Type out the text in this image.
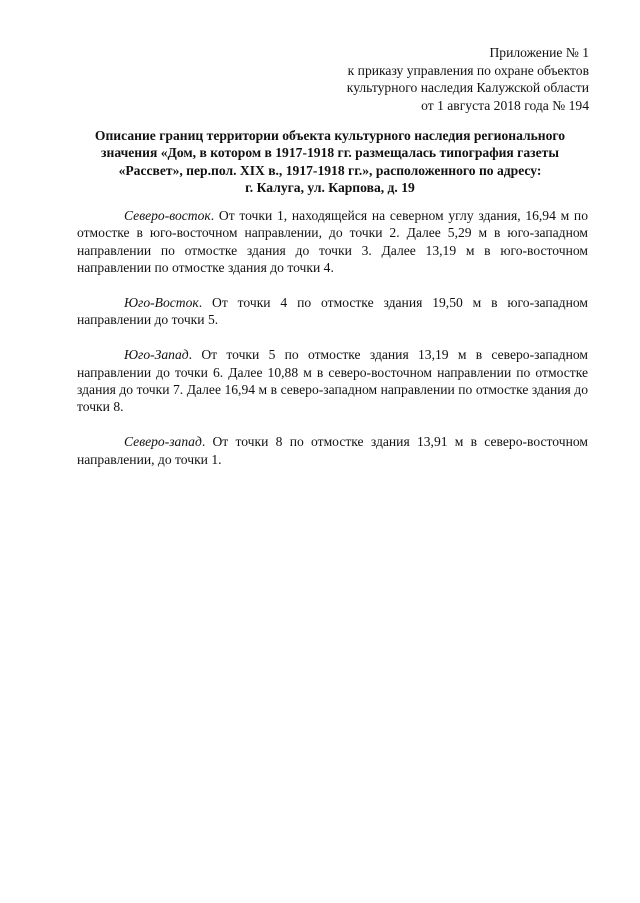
Приложение № 1
к приказу управления по охране объектов
культурного наследия Калужской области
от 1 августа 2018 года № 194
Описание границ территории объекта культурного наследия регионального
значения «Дом, в котором в 1917-1918 гг. размещалась типография газеты
«Рассвет», пер.пол. XIX в., 1917-1918 гг.», расположенного по адресу:
г. Калуга, ул. Карпова, д. 19

Северо-восток. От точки 1, находящейся на северном углу здания, 16,94 м по отмостке в юго-восточном направлении, до точки 2. Далее 5,29 м в юго-западном направлении по отмостке здания до точки 3. Далее 13,19 м в юго-восточном направлении по отмостке здания до точки 4.

Юго-Восток. От точки 4 по отмостке здания 19,50 м в юго-западном направлении до точки 5.

Юго-Запад. От точки 5 по отмостке здания 13,19 м в северо-западном направлении до точки 6. Далее 10,88 м в северо-восточном направлении по отмостке здания до точки 7. Далее 16,94 м в северо-западном направлении по отмостке здания до точки 8.

Северо-запад. От точки 8 по отмостке здания 13,91 м в северо-восточном направлении, до точки 1.
